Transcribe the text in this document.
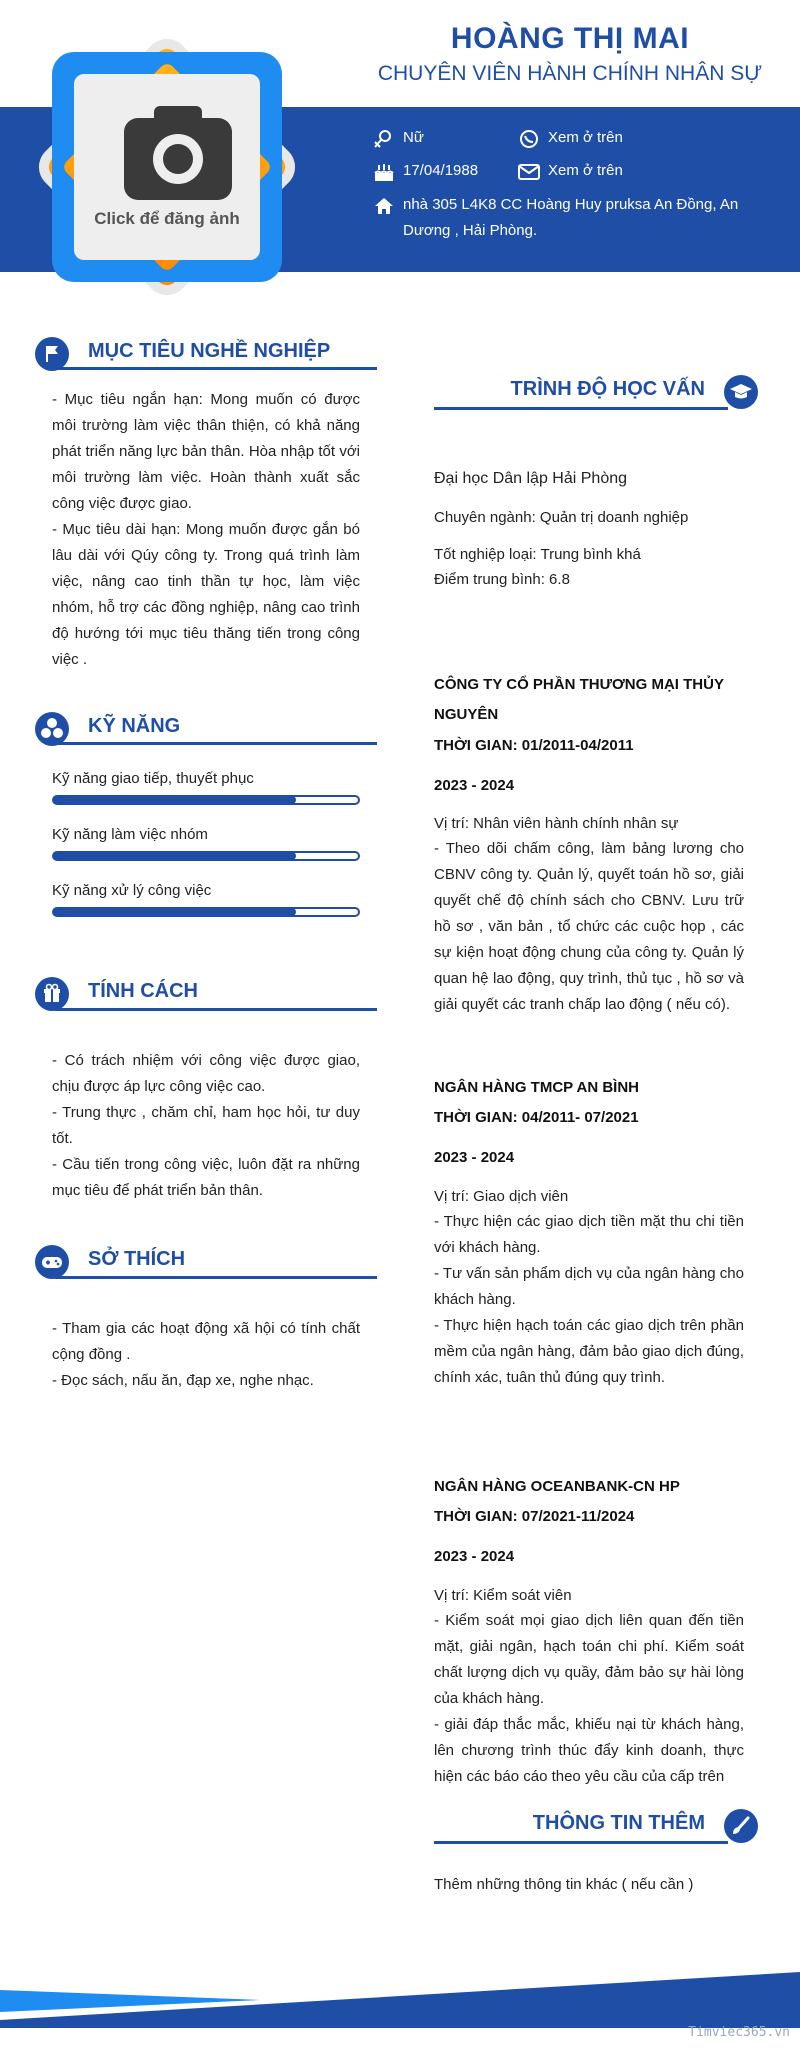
HOÀNG THỊ MAI
CHUYÊN VIÊN HÀNH CHÍNH NHÂN SỰ
Click để đăng ảnh
Nữ	Xem ở trên
17/04/1988	Xem ở trên
nhà 305 L4K8 CC Hoàng Huy pruksa An Đồng, An
Dương , Hải Phòng.
MỤC TIÊU NGHỀ NGHIỆP

- Mục tiêu ngắn hạn: Mong muốn có được môi trường làm việc thân thiện, có khả năng phát triển năng lực bản thân. Hòa nhập tốt với môi trường làm việc. Hoàn thành xuất sắc công việc được giao.

- Mục tiêu dài hạn: Mong muốn được gắn bó lâu dài với Qúy công ty. Trong quá trình làm việc, nâng cao tinh thần tự học, làm việc nhóm, hỗ trợ các đồng nghiệp, nâng cao trình độ hướng tới mục tiêu thăng tiến trong công việc .

KỸ NĂNG
Kỹ năng giao tiếp, thuyết phục
Kỹ năng làm việc nhóm
Kỹ năng xử lý công việc
TÍNH CÁCH

- Có trách nhiệm với công việc được giao, chịu được áp lực công việc cao.

- Trung thực , chăm chỉ, ham học hỏi, tư duy tốt.

- Cầu tiến trong công việc, luôn đặt ra những mục tiêu để phát triển bản thân.

SỞ THÍCH

- Tham gia các hoạt động xã hội có tính chất cộng đồng .

- Đọc sách, nấu ăn, đạp xe, nghe nhạc.

TRÌNH ĐỘ HỌC VẤN
Đại học Dân lập Hải Phòng
Chuyên ngành: Quản trị doanh nghiệp
Tốt nghiệp loại: Trung bình khá
Điểm trung bình: 6.8
CÔNG TY CỔ PHẦN THƯƠNG MẠI THỦY
NGUYÊN
THỜI GIAN: 01/2011-04/2011
2023 - 2024
Vị trí: Nhân viên hành chính nhân sự

- Theo dõi chấm công, làm bảng lương cho CBNV công ty. Quản lý, quyết toán hồ sơ, giải quyết chế độ chính sách cho CBNV. Lưu trữ hồ sơ , văn bản , tổ chức các cuộc họp , các sự kiện hoạt động chung của công ty. Quản lý quan hệ lao động, quy trình, thủ tục , hồ sơ và giải quyết các tranh chấp lao động ( nếu có).

NGÂN HÀNG TMCP AN BÌNH
THỜI GIAN: 04/2011- 07/2021
2023 - 2024
Vị trí: Giao dịch viên

- Thực hiện các giao dịch tiền mặt thu chi tiền với khách hàng.

- Tư vấn sản phẩm dịch vụ của ngân hàng cho khách hàng.

- Thực hiện hạch toán các giao dịch trên phần mềm của ngân hàng, đảm bảo giao dịch đúng, chính xác, tuân thủ đúng quy trình.

NGÂN HÀNG OCEANBANK-CN HP
THỜI GIAN: 07/2021-11/2024
2023 - 2024
Vị trí: Kiểm soát viên

- Kiểm soát mọi giao dịch liên quan đến tiền mặt, giải ngân, hạch toán chi phí. Kiểm soát chất lượng dịch vụ quầy, đảm bảo sự hài lòng của khách hàng.

- giải đáp thắc mắc, khiếu nại từ khách hàng, lên chương trình thúc đẩy kinh doanh, thực hiện các báo cáo theo yêu cầu của cấp trên

THÔNG TIN THÊM
Thêm những thông tin khác ( nếu cần )
Timviec365.vn
